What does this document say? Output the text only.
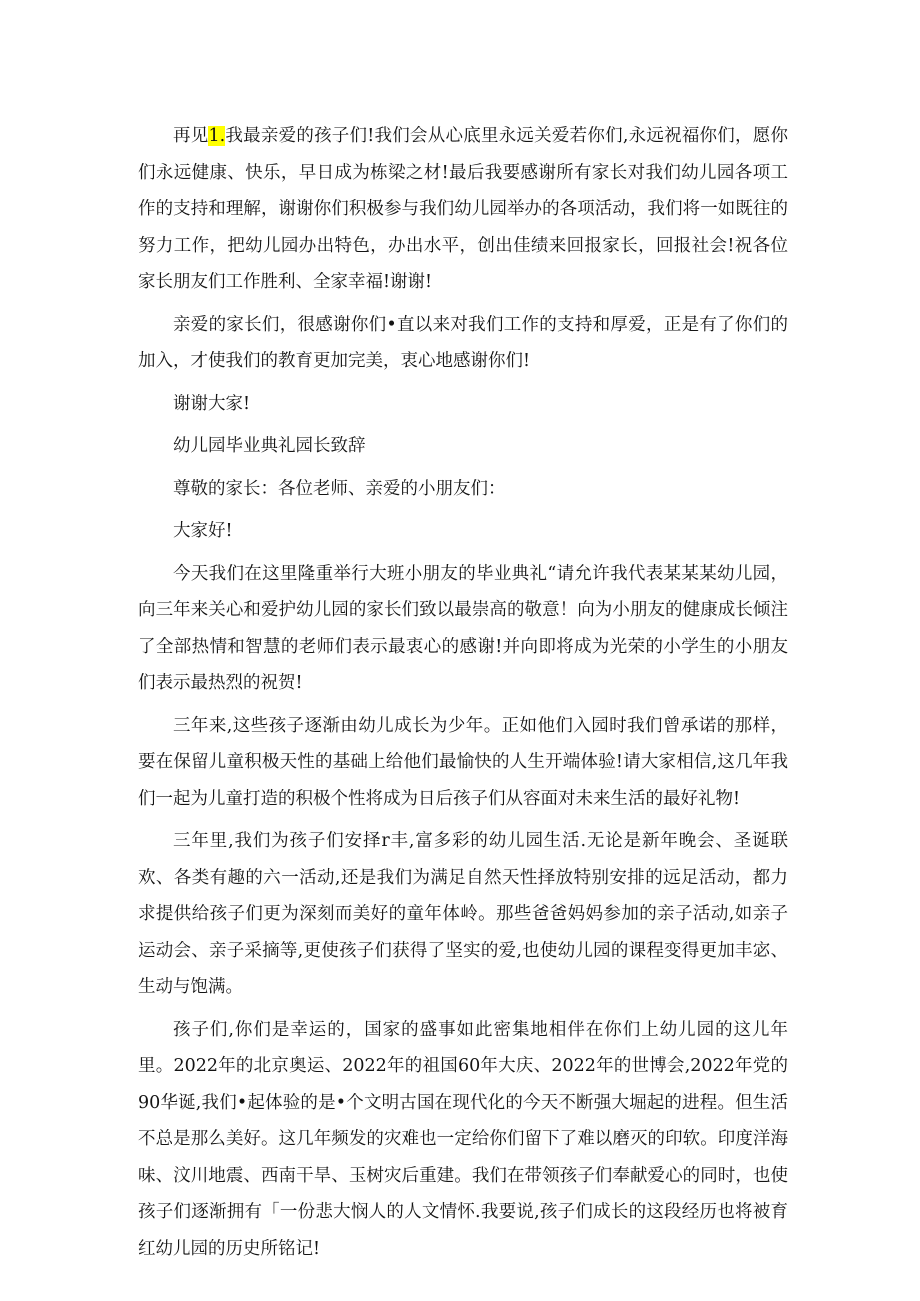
再见1.我最亲爱的孩子们!我们会从心底里永远关爱若你们,永远祝福你们，愿你们永远健康、快乐，早日成为栋梁之材!最后我要感谢所有家长对我们幼儿园各项工作的支持和理解，谢谢你们积极参与我们幼儿园举办的各项活动，我们将一如既往的努力工作，把幼儿园办出特色，办出水平，创出佳绩来回报家长，回报社会!祝各位家长朋友们工作胜利、全家幸福!谢谢!

亲爱的家长们，很感谢你们•直以来对我们工作的支持和厚爱，正是有了你们的加入，才使我们的教育更加完美，衷心地感谢你们!

谢谢大家!

幼儿园毕业典礼园长致辞

尊敬的家长：各位老师、亲爱的小朋友们：

大家好!

今天我们在这里隆重举行大班小朋友的毕业典礼“请允许我代表某某某幼儿园，向三年来关心和爱护幼儿园的家长们致以最崇高的敬意！向为小朋友的健康成长倾注了全部热情和智慧的老师们表示最衷心的感谢!并向即将成为光荣的小学生的小朋友们表示最热烈的祝贺!

三年来,这些孩子逐渐由幼儿成长为少年。正如他们入园时我们曾承诺的那样，要在保留儿童积极天性的基础上给他们最愉快的人生开端体验!请大家相信,这几年我们一起为儿童打造的积极个性将成为日后孩子们从容面对未来生活的最好礼物!

三年里,我们为孩子们安择r丰,富多彩的幼儿园生活.无论是新年晚会、圣诞联欢、各类有趣的六一活动,还是我们为满足自然天性择放特别安排的远足活动，都力求提供给孩子们更为深刻而美好的童年体岭。那些爸爸妈妈参加的亲子活动,如亲子运动会、亲子采摘等,更使孩子们获得了坚实的爱,也使幼儿园的课程变得更加丰宓、生动与饱满。

孩子们,你们是幸运的，国家的盛事如此密集地相伴在你们上幼儿园的这儿年里。2022年的北京奥运、2022年的祖国60年大庆、2022年的世博会,2022年党的90华诞,我们•起体验的是•个文明古国在现代化的今天不断强大堀起的进程。但生活不总是那么美好。这几年频发的灾难也一定给你们留下了难以磨灭的印软。印度洋海味、汶川地震、西南干旱、玉树灾后重建。我们在带领孩子们奉献爱心的同时，也使孩子们逐渐拥有「一份悲大悯人的人文情怀.我要说,孩子们成长的这段经历也将被育红幼儿园的历史所铭记!
